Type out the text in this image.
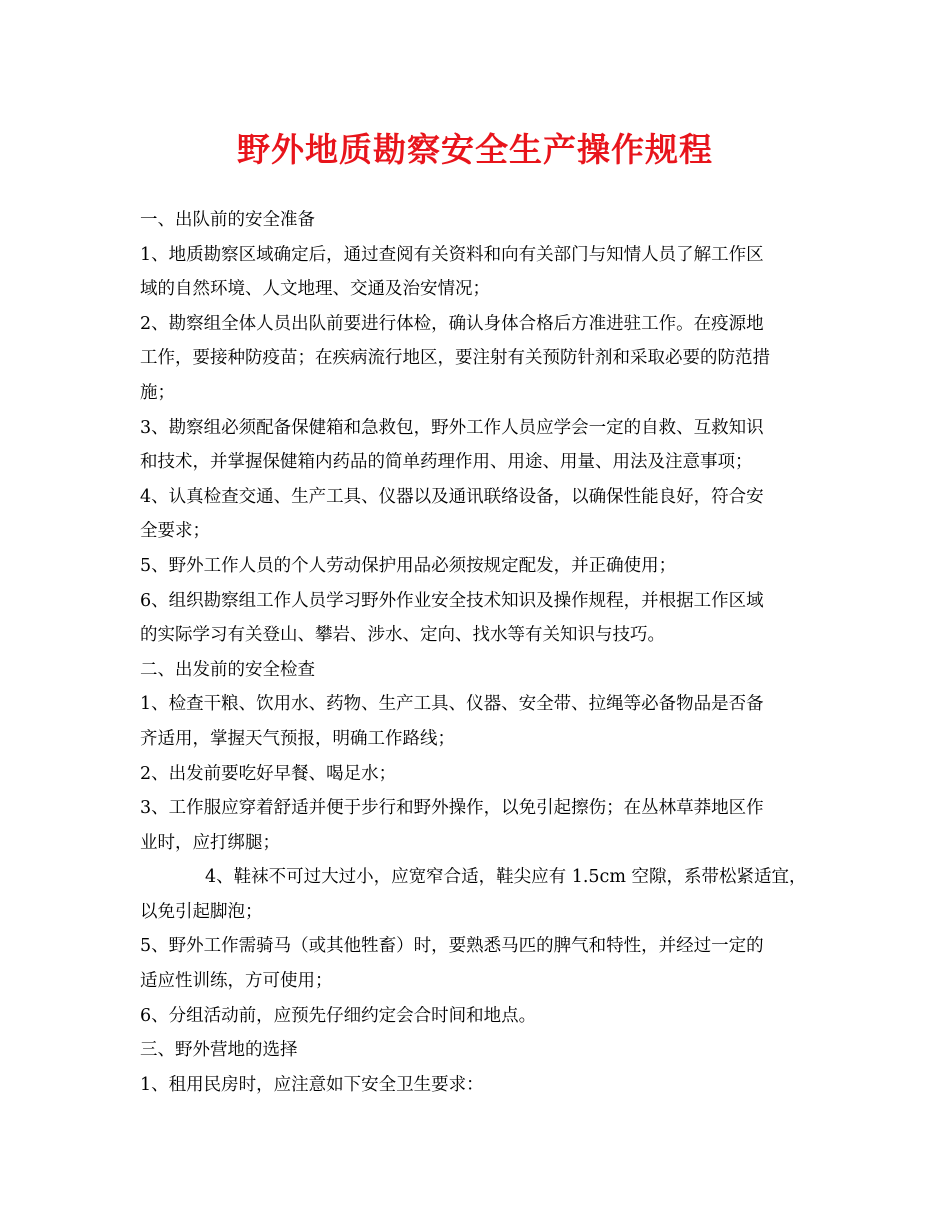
野外地质勘察安全生产操作规程
一、出队前的安全准备
1、地质勘察区域确定后，通过查阅有关资料和向有关部门与知情人员了解工作区
域的自然环境、人文地理、交通及治安情况；
2、勘察组全体人员出队前要进行体检，确认身体合格后方准进驻工作。在疫源地
工作，要接种防疫苗；在疾病流行地区，要注射有关预防针剂和采取必要的防范措
施；
3、勘察组必须配备保健箱和急救包，野外工作人员应学会一定的自救、互救知识
和技术，并掌握保健箱内药品的简单药理作用、用途、用量、用法及注意事项；
4、认真检查交通、生产工具、仪器以及通讯联络设备，以确保性能良好，符合安
全要求；
5、野外工作人员的个人劳动保护用品必须按规定配发，并正确使用；
6、组织勘察组工作人员学习野外作业安全技术知识及操作规程，并根据工作区域
的实际学习有关登山、攀岩、涉水、定向、找水等有关知识与技巧。
二、出发前的安全检查
1、检查干粮、饮用水、药物、生产工具、仪器、安全带、拉绳等必备物品是否备
齐适用，掌握天气预报，明确工作路线；
2、出发前要吃好早餐、喝足水；
3、工作服应穿着舒适并便于步行和野外操作，以免引起擦伤；在丛林草莽地区作
业时，应打绑腿；
4、鞋袜不可过大过小，应宽窄合适，鞋尖应有 1.5cm 空隙，系带松紧适宜，
以免引起脚泡；
5、野外工作需骑马（或其他牲畜）时，要熟悉马匹的脾气和特性，并经过一定的
适应性训练，方可使用；
6、分组活动前，应预先仔细约定会合时间和地点。
三、野外营地的选择
1、租用民房时，应注意如下安全卫生要求：
